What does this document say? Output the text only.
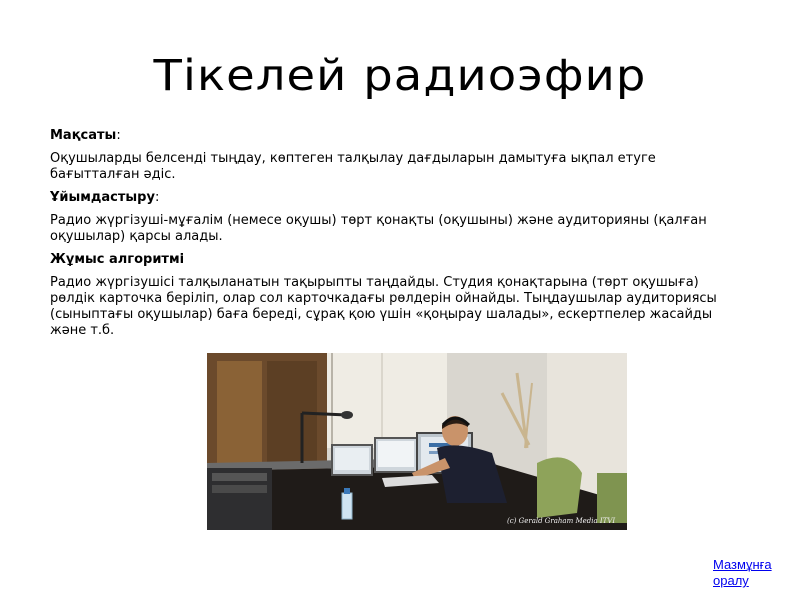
Тікелей радиоэфир

Мақсаты:

Оқушыларды белсенді тыңдау, көптеген талқылау дағдыларын дамытуға ықпал етуге бағытталған әдіс.

Ұйымдастыру:

Радио жүргізуші-мұғалім (немесе оқушы) төрт қонақты (оқушыны) және аудиторияны (қалған оқушылар) қарсы алады.

Жұмыс алгоритмі

Радио жүргізушісі талқыланатын тақырыпты таңдайды. Студия қонақтарына (төрт оқушыға) рөлдік карточка беріліп, олар сол карточкадағы рөлдерін ойнайды. Тыңдаушылар аудиториясы (сыныптағы оқушылар) баға береді, сұрақ қою үшін «қоңырау шалады», ескертпелер жасайды және т.б.

(c) Gerald Graham Media ITVI
Мазмұнға оралу
